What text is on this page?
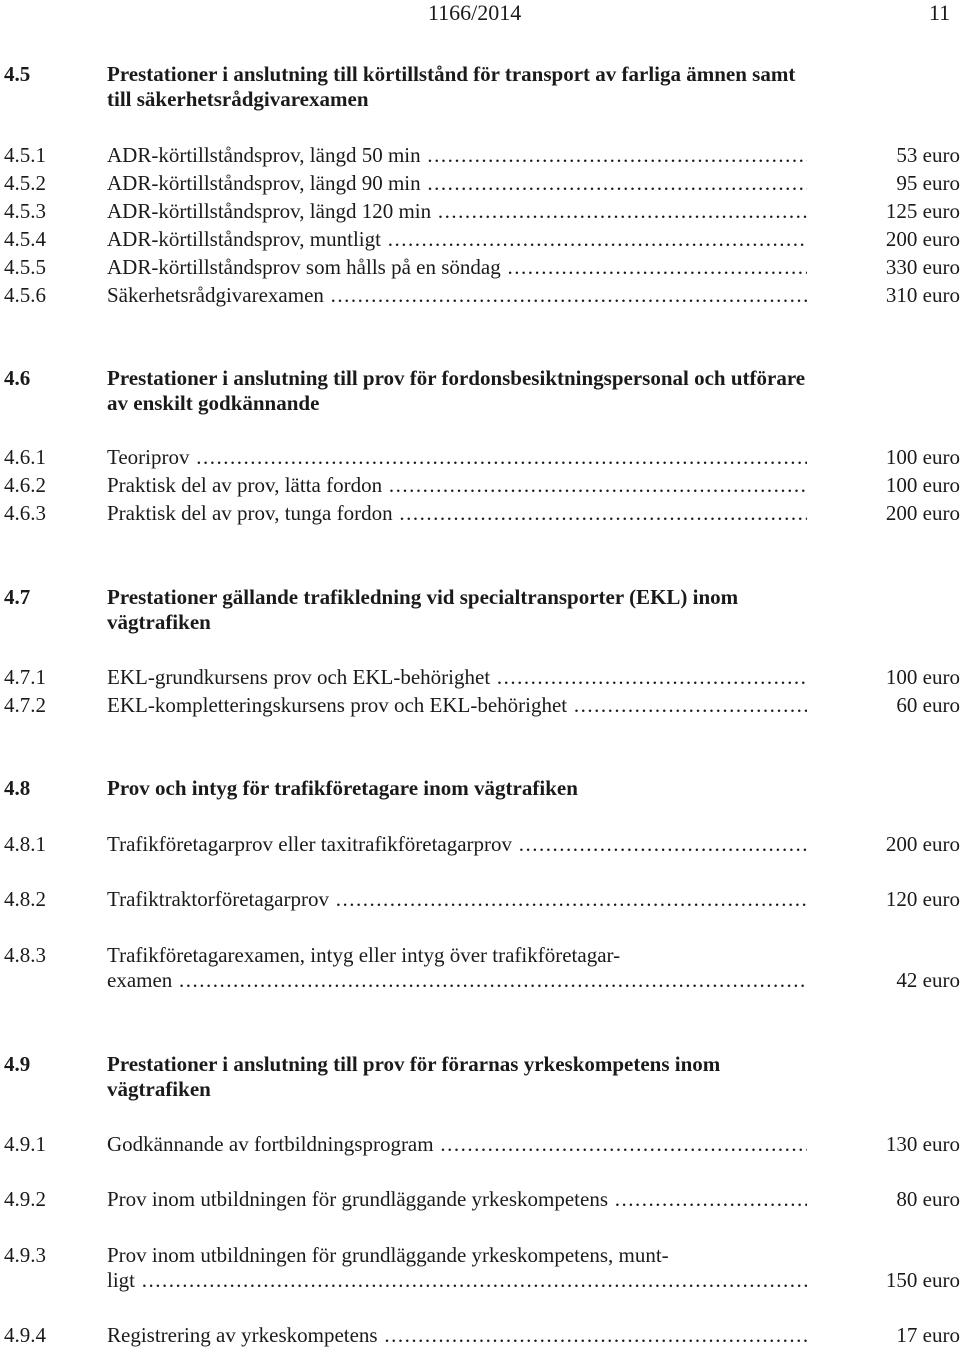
1166/2014	11
4.5	Prestationer i anslutning till körtillstånd för transport av farliga ämnen samt till säkerhetsrådgivarexamen
4.5.1	ADR-körtillståndsprov, längd 50 min .....	53 euro
4.5.2	ADR-körtillståndsprov, längd 90 min .....	95 euro
4.5.3	ADR-körtillståndsprov, längd 120 min .....	125 euro
4.5.4	ADR-körtillståndsprov, muntligt .....	200 euro
4.5.5	ADR-körtillståndsprov som hålls på en söndag .....	330 euro
4.5.6	Säkerhetsrådgivarexamen .....	310 euro
4.6	Prestationer i anslutning till prov för fordonsbesiktningspersonal och utförare av enskilt godkännande
4.6.1	Teoriprov .....	100 euro
4.6.2	Praktisk del av prov, lätta fordon .....	100 euro
4.6.3	Praktisk del av prov, tunga fordon .....	200 euro
4.7	Prestationer gällande trafikledning vid specialtransporter (EKL) inom vägtrafiken
4.7.1	EKL-grundkursens prov och EKL-behörighet .....	100 euro
4.7.2	EKL-kompletteringskursens prov och EKL-behörighet .....	60 euro
4.8	Prov och intyg för trafikföretagare inom vägtrafiken
4.8.1	Trafikföretagarprov eller taxitrafikföretagarprov .....	200 euro
4.8.2	Trafiktraktorföretagarprov .....	120 euro
4.8.3	Trafikföretagarexamen, intyg eller intyg över trafikföretagar-
examen .....	42 euro
4.9	Prestationer i anslutning till prov för förarnas yrkeskompetens inom vägtrafiken
4.9.1	Godkännande av fortbildningsprogram .....	130 euro
4.9.2	Prov inom utbildningen för grundläggande yrkeskompetens .....	80 euro
4.9.3	Prov inom utbildningen för grundläggande yrkeskompetens, munt-
ligt .....	150 euro
4.9.4	Registrering av yrkeskompetens .....	17 euro
